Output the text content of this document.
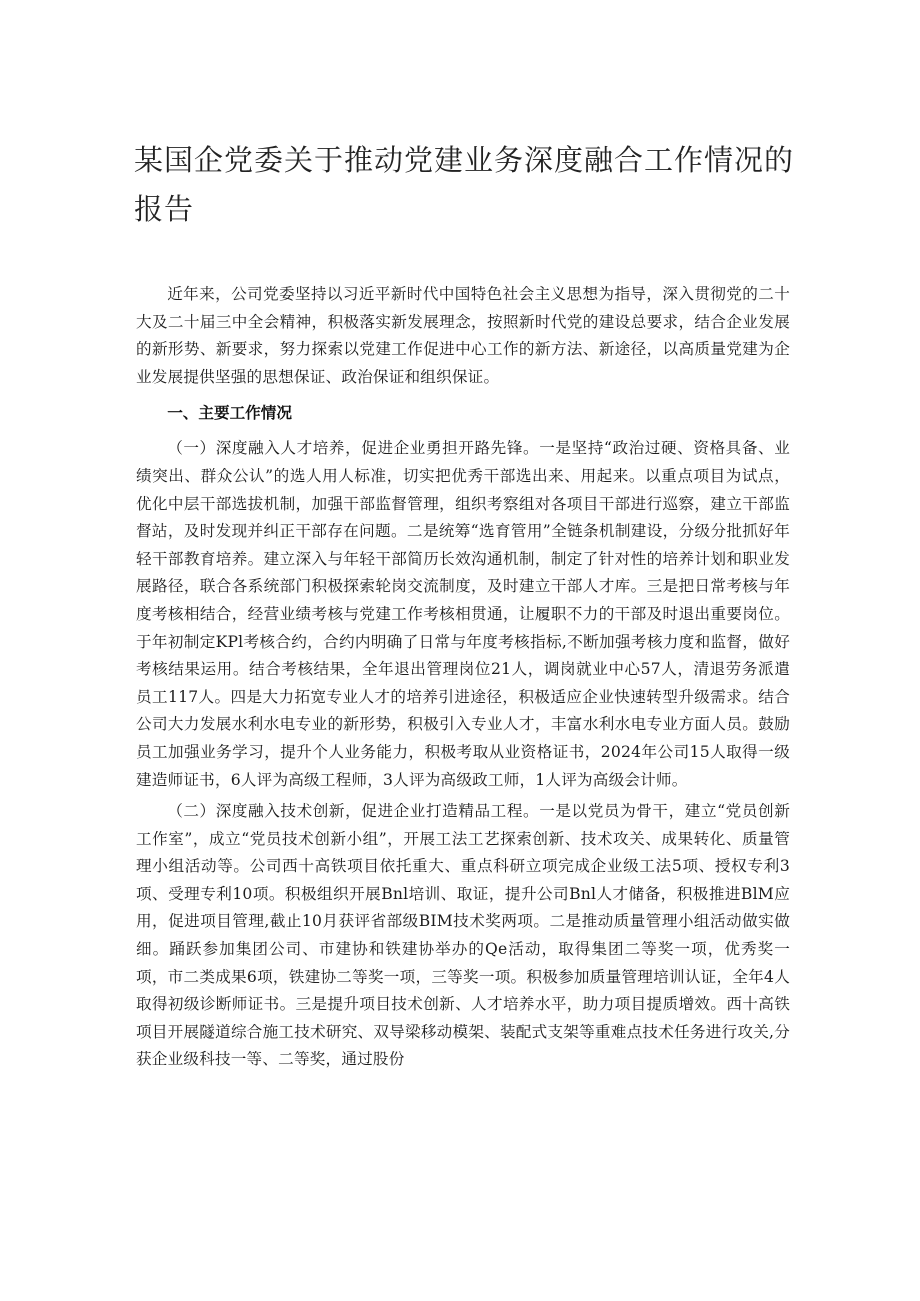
某国企党委关于推动党建业务深度融合工作情况的报告

近年来，公司党委坚持以习近平新时代中国特色社会主义思想为指导，深入贯彻党的二十大及二十届三中全会精神，积极落实新发展理念，按照新时代党的建设总要求，结合企业发展的新形势、新要求，努力探索以党建工作促进中心工作的新方法、新途径，以高质量党建为企业发展提供坚强的思想保证、政治保证和组织保证。

一、主要工作情况

（一）深度融入人才培养，促进企业勇担开路先锋。一是坚持“政治过硬、资格具备、业绩突出、群众公认”的选人用人标准，切实把优秀干部选出来、用起来。以重点项目为试点，优化中层干部选拔机制，加强干部监督管理，组织考察组对各项目干部进行巡察，建立干部监督站，及时发现并纠正干部存在问题。二是统筹“选育管用”全链条机制建设，分级分批抓好年轻干部教育培养。建立深入与年轻干部简历长效沟通机制，制定了针对性的培养计划和职业发展路径，联合各系统部门积极探索轮岗交流制度，及时建立干部人才库。三是把日常考核与年度考核相结合，经营业绩考核与党建工作考核相贯通，让履职不力的干部及时退出重要岗位。于年初制定KPl考核合约，合约内明确了日常与年度考核指标,不断加强考核力度和监督，做好考核结果运用。结合考核结果，全年退出管理岗位21人，调岗就业中心57人，清退劳务派遣员工117人。四是大力拓宽专业人才的培养引进途径，积极适应企业快速转型升级需求。结合公司大力发展水利水电专业的新形势，积极引入专业人才，丰富水利水电专业方面人员。鼓励员工加强业务学习，提升个人业务能力，积极考取从业资格证书，2024年公司15人取得一级建造师证书，6人评为高级工程师，3人评为高级政工师，1人评为高级会计师。

（二）深度融入技术创新，促进企业打造精品工程。一是以党员为骨干，建立“党员创新工作室”，成立“党员技术创新小组”，开展工法工艺探索创新、技术攻关、成果转化、质量管理小组活动等。公司西十高铁项目依托重大、重点科研立项完成企业级工法5项、授权专利3项、受理专利10项。积极组织开展Bnl培训、取证，提升公司Bnl人才储备，积极推进BlM应用，促进项目管理,截止10月获评省部级BIM技术奖两项。二是推动质量管理小组活动做实做细。踊跃参加集团公司、市建协和铁建协举办的Qe活动，取得集团二等奖一项，优秀奖一项，市二类成果6项，铁建协二等奖一项，三等奖一项。积极参加质量管理培训认证，全年4人取得初级诊断师证书。三是提升项目技术创新、人才培养水平，助力项目提质增效。西十高铁项目开展隧道综合施工技术研究、双导梁移动模架、装配式支架等重难点技术任务进行攻关,分获企业级科技一等、二等奖，通过股份
